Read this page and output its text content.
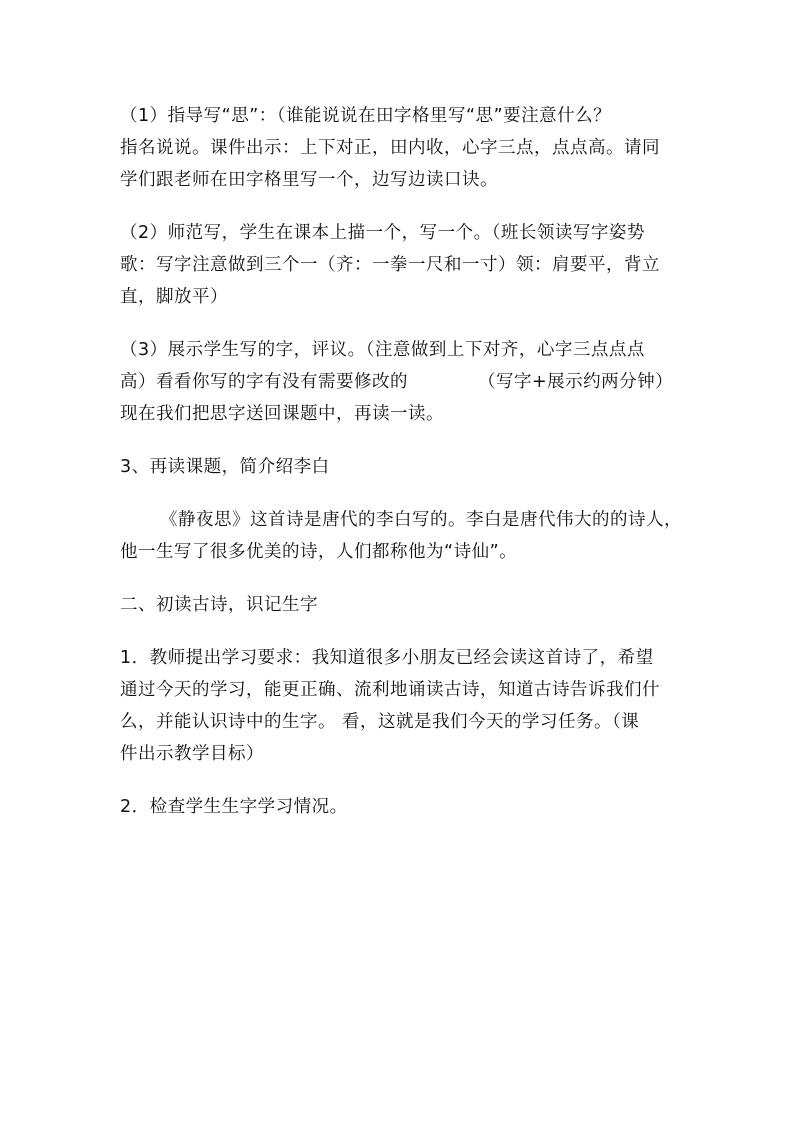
（1）指导写“思”：（谁能说说在田字格里写“思”要注意什么？
指名说说。课件出示：上下对正，田内收，心字三点，点点高。请同
学们跟老师在田字格里写一个，边写边读口诀。

（2）师范写，学生在课本上描一个，写一个。（班长领读写字姿势
歌：写字注意做到三个一（齐：一拳一尺和一寸）领：肩要平，背立
直，脚放平）

（3）展示学生写的字，评议。（注意做到上下对齐，心字三点点点
高）看看你写的字有没有需要修改的	（写字+展示约两分钟）
现在我们把思字送回课题中，再读一读。

3、再读课题，简介绍李白

《静夜思》这首诗是唐代的李白写的。李白是唐代伟大的的诗人，
他一生写了很多优美的诗，人们都称他为“诗仙”。

二、初读古诗，识记生字

1．教师提出学习要求：我知道很多小朋友已经会读这首诗了，希望
通过今天的学习，能更正确、流利地诵读古诗，知道古诗告诉我们什
么，并能认识诗中的生字。 看，这就是我们今天的学习任务。（课
件出示教学目标）

2．检查学生生字学习情况。
